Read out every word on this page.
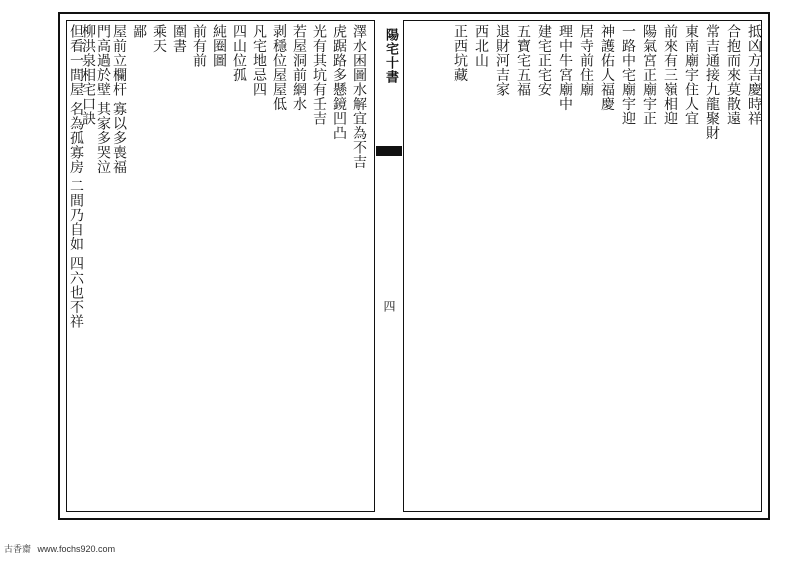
陽宅十書
四
抵凶方吉慶時祥
合抱而來莫散遠
常吉通接九龍聚財
東南廟宇住人宜
前來有三嶺相迎
陽氣宮正廟宇正
一路中宅廟宇迎
神護佑人福慶
居寺前住廟
理中牛宮廟中
建宅正宅安
五寶宅五福
退財河吉家
西北山
正西坑藏
澤水困圖水解宜為不吉
虎踞路多懸鏡凹凸
光有其坑有壬吉
若屋洞前網水
剥穩位屋屋低
凡宅地忌四
四山位孤
純圈圖
前有前
圍書
乘天
鄙
屋前立欄杆 寡以多喪福
門高過於壁 其家多哭泣
柳洪泉相宅口訣
但看一間屋 名為孤寡房 二間乃自如 四六也不祥
古香齋 www.fochs920.com
